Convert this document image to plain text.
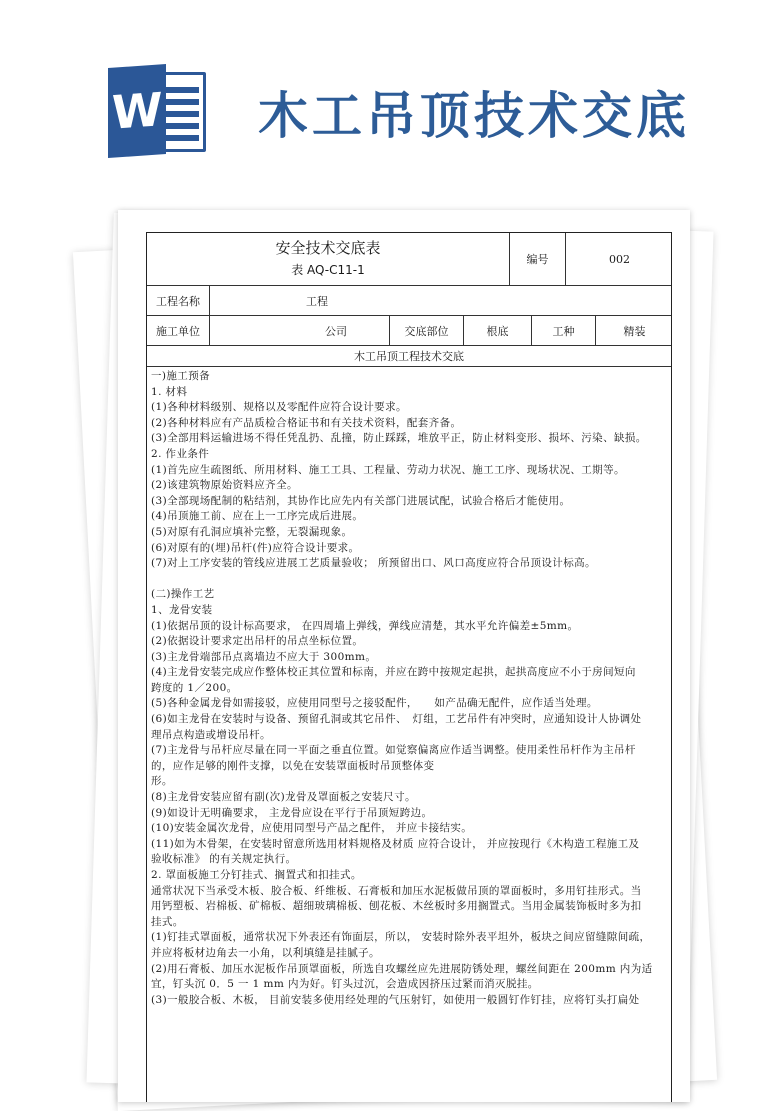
W 木工吊顶技术交底
安全技术交底表
表 AQ-C11-1
编号	002
工程名称	工程
施工单位	公司	交底部位	根底	工种	精装
木工吊顶工程技术交底

一)施工预备

1. 材料

(1)各种材料级别、规格以及零配件应符合设计要求。

(2)各种材料应有产品质检合格证书和有关技术资料，配套齐备。

(3)全部用料运输进场不得任凭乱扔、乱撞，防止踩踩，堆放平正，防止材料变形、损坏、污染、缺损。

2. 作业条件

(1)首先应生疏图纸、所用材料、施工工具、工程量、劳动力状况、施工工序、现场状况、工期等。

(2)该建筑物原始资料应齐全。

(3)全部现场配制的粘结剂，其协作比应先内有关部门进展试配，试验合格后才能使用。

(4)吊顶施工前、应在上一工序完成后进展。

(5)对原有孔洞应填补完整，无裂漏现象。

(6)对原有的(埋)吊杆(件)应符合设计要求。

(7)对上工序安装的管线应进展工艺质量验收； 所预留出口、风口高度应符合吊顶设计标高。

(二)操作工艺

1、龙骨安装

(1)依据吊顶的设计标高要求， 在四周墙上弹线，弹线应清楚，其水平允许偏差±5mm。

(2)依据设计要求定出吊杆的吊点坐标位置。

(3)主龙骨端部吊点离墙边不应大于 300mm。

(4)主龙骨安装完成应作整体校正其位置和标南，并应在跨中按规定起拱，起拱高度应不小于房间短向

跨度的 1／200。

(5)各种金属龙骨如需接驳，应使用同型号之接驳配件，　　如产品确无配件，应作适当处理。

(6)如主龙骨在安装时与设备、预留孔洞或其它吊件、　灯组，工艺吊件有冲突时，应通知设计人协调处

理吊点构造或增设吊杆。

(7)主龙骨与吊杆应尽量在同一平面之垂直位置。如觉察偏离应作适当调整。使用柔性吊杆作为主吊杆

的，应作足够的刚件支撑，以免在安装罩面板时吊顶整体变

形。

(8)主龙骨安装应留有副(次)龙骨及罩面板之安装尺寸。

(9)如设计无明确要求， 主龙骨应设在平行于吊顶短跨边。

(10)安装金属次龙骨，应使用同型号产品之配件， 并应卡接结实。

(11)如为木骨架，在安装时留意所选用材料规格及材质 应符合设计， 并应按现行《木构造工程施工及

验收标准》 的有关规定执行。

2. 罩面板施工分钉挂式、搁置式和扣挂式。

通常状况下当承受木板、胶合板、纤维板、石膏板和加压水泥板做吊顶的罩面板时，多用钉挂形式。当

用钙塑板、岩棉板、矿棉板、超细玻璃棉板、刨花板、木丝板时多用搁置式。当用金属装饰板时多为扣

挂式。

(1)钉挂式罩面板，通常状况下外表还有饰面层，所以， 安装时除外表平坦外，板块之间应留缝隙间疏，

并应将板材边角去一小角，以利填缝是挂腻子。

(2)用石膏板、加压水泥板作吊顶罩面板，所选自攻螺丝应先进展防锈处理，螺丝间距在 200mm 内为适

宜，钉头沉 0．5 一 1 mm 内为好。钉头过沉，会造成因挤压过紧而消灭脱挂。

(3)一般胶合板、木板， 目前安装多使用经处理的气压射钉，如使用一般圆钉作钉挂，应将钉头打扁处
